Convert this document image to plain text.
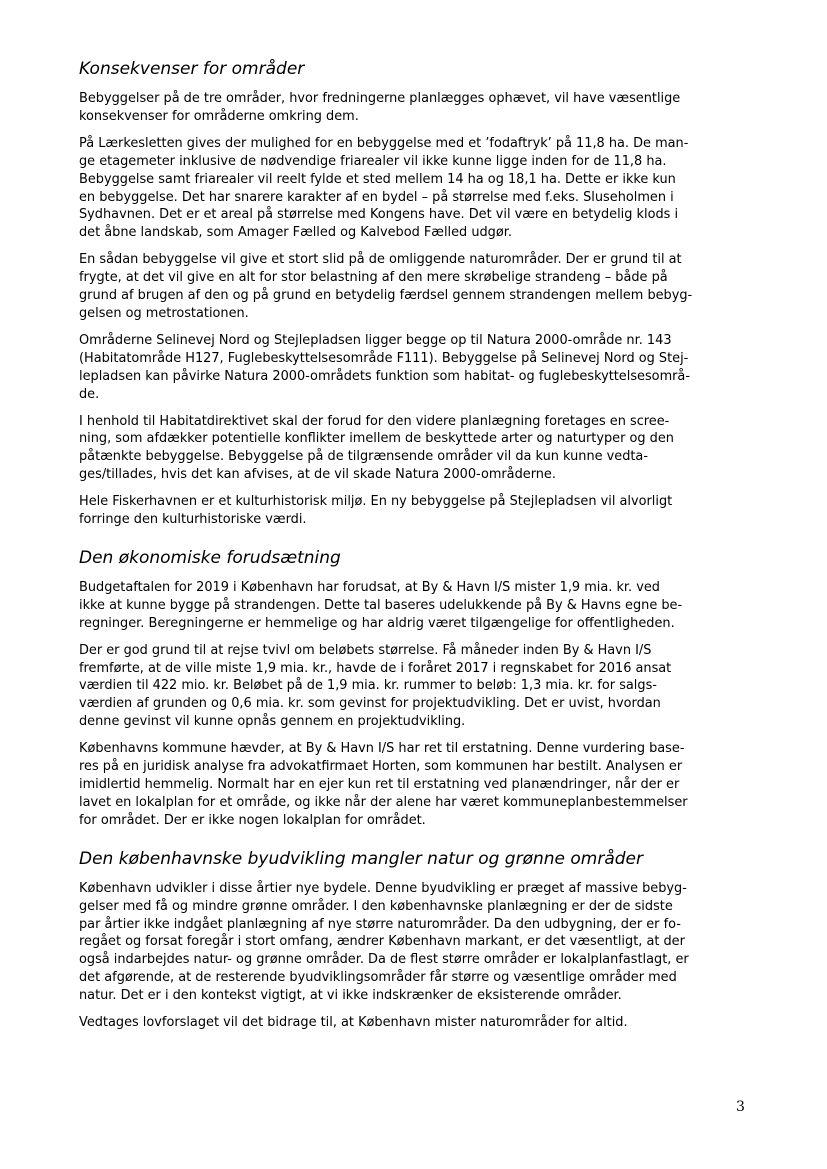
Konsekvenser for områder

Bebyggelser på de tre områder, hvor fredningerne planlægges ophævet, vil have væsentlige
konsekvenser for områderne omkring dem.

På Lærkesletten gives der mulighed for en bebyggelse med et ’fodaftryk’ på 11,8 ha. De man-
ge etagemeter inklusive de nødvendige friarealer vil ikke kunne ligge inden for de 11,8 ha.
Bebyggelse samt friarealer vil reelt fylde et sted mellem 14 ha og 18,1 ha. Dette er ikke kun
en bebyggelse. Det har snarere karakter af en bydel – på størrelse med f.eks. Sluseholmen i
Sydhavnen. Det er et areal på størrelse med Kongens have. Det vil være en betydelig klods i
det åbne landskab, som Amager Fælled og Kalvebod Fælled udgør.

En sådan bebyggelse vil give et stort slid på de omliggende naturområder. Der er grund til at
frygte, at det vil give en alt for stor belastning af den mere skrøbelige strandeng – både på
grund af brugen af den og på grund en betydelig færdsel gennem strandengen mellem bebyg-
gelsen og metrostationen.

Områderne Selinevej Nord og Stejlepladsen ligger begge op til Natura 2000-område nr. 143
(Habitatområde H127, Fuglebeskyttelsesområde F111). Bebyggelse på Selinevej Nord og Stej-
lepladsen kan påvirke Natura 2000-områdets funktion som habitat- og fuglebeskyttelsesområ-
de.

I henhold til Habitatdirektivet skal der forud for den videre planlægning foretages en scree-
ning, som afdækker potentielle konflikter imellem de beskyttede arter og naturtyper og den
påtænkte bebyggelse. Bebyggelse på de tilgrænsende områder vil da kun kunne vedta-
ges/tillades, hvis det kan afvises, at de vil skade Natura 2000-områderne.

Hele Fiskerhavnen er et kulturhistorisk miljø. En ny bebyggelse på Stejlepladsen vil alvorligt
forringe den kulturhistoriske værdi.

Den økonomiske forudsætning

Budgetaftalen for 2019 i København har forudsat, at By & Havn I/S mister 1,9 mia. kr. ved
ikke at kunne bygge på strandengen. Dette tal baseres udelukkende på By & Havns egne be-
regninger. Beregningerne er hemmelige og har aldrig været tilgængelige for offentligheden.

Der er god grund til at rejse tvivl om beløbets størrelse. Få måneder inden By & Havn I/S
fremførte, at de ville miste 1,9 mia. kr., havde de i foråret 2017 i regnskabet for 2016 ansat
værdien til 422 mio. kr. Beløbet på de 1,9 mia. kr. rummer to beløb: 1,3 mia. kr. for salgs-
værdien af grunden og 0,6 mia. kr. som gevinst for projektudvikling. Det er uvist, hvordan
denne gevinst vil kunne opnås gennem en projektudvikling.

Københavns kommune hævder, at By & Havn I/S har ret til erstatning. Denne vurdering base-
res på en juridisk analyse fra advokatfirmaet Horten, som kommunen har bestilt. Analysen er
imidlertid hemmelig. Normalt har en ejer kun ret til erstatning ved planændringer, når der er
lavet en lokalplan for et område, og ikke når der alene har været kommuneplanbestemmelser
for området. Der er ikke nogen lokalplan for området.

Den københavnske byudvikling mangler natur og grønne områder

København udvikler i disse årtier nye bydele. Denne byudvikling er præget af massive bebyg-
gelser med få og mindre grønne områder. I den københavnske planlægning er der de sidste
par årtier ikke indgået planlægning af nye større naturområder. Da den udbygning, der er fo-
regået og forsat foregår i stort omfang, ændrer København markant, er det væsentligt, at der
også indarbejdes natur- og grønne områder. Da de flest større områder er lokalplanfastlagt, er
det afgørende, at de resterende byudviklingsområder får større og væsentlige områder med
natur. Det er i den kontekst vigtigt, at vi ikke indskrænker de eksisterende områder.

Vedtages lovforslaget vil det bidrage til, at København mister naturområder for altid.

3
